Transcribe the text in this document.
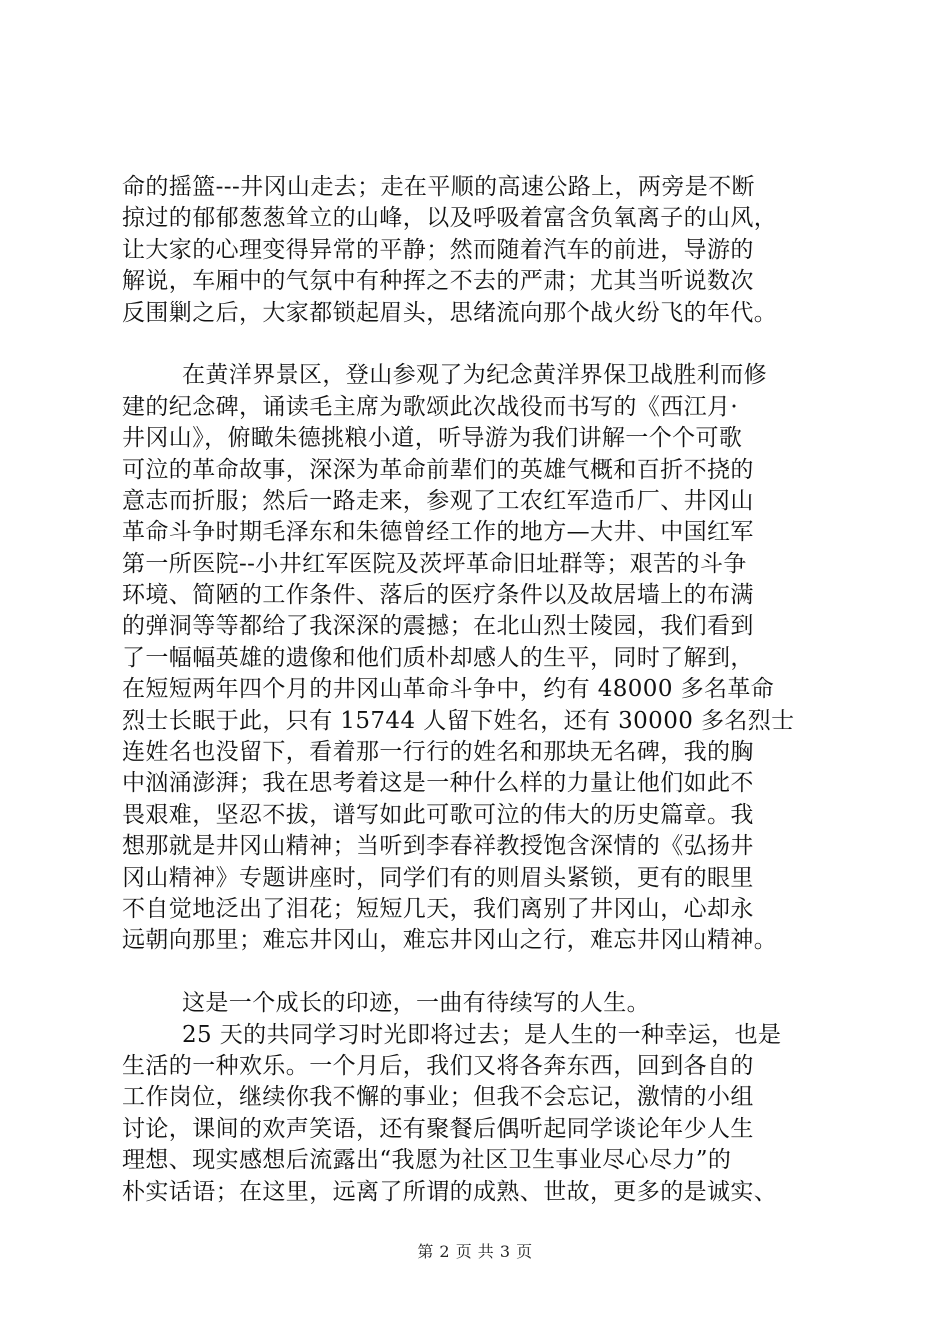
命的摇篮---井冈山走去；走在平顺的高速公路上，两旁是不断
掠过的郁郁葱葱耸立的山峰，以及呼吸着富含负氧离子的山风，
让大家的心理变得异常的平静；然而随着汽车的前进，导游的
解说，车厢中的气氛中有种挥之不去的严肃；尤其当听说数次
反围剿之后，大家都锁起眉头，思绪流向那个战火纷飞的年代。
在黄洋界景区，登山参观了为纪念黄洋界保卫战胜利而修
建的纪念碑，诵读毛主席为歌颂此次战役而书写的《西江月·
井冈山》，俯瞰朱德挑粮小道，听导游为我们讲解一个个可歌
可泣的革命故事，深深为革命前辈们的英雄气概和百折不挠的
意志而折服；然后一路走来，参观了工农红军造币厂、井冈山
革命斗争时期毛泽东和朱德曾经工作的地方—大井、中国红军
第一所医院--小井红军医院及茨坪革命旧址群等；艰苦的斗争
环境、简陋的工作条件、落后的医疗条件以及故居墙上的布满
的弹洞等等都给了我深深的震撼；在北山烈士陵园，我们看到
了一幅幅英雄的遗像和他们质朴却感人的生平，同时了解到，
在短短两年四个月的井冈山革命斗争中，约有 48000 多名革命
烈士长眠于此，只有 15744 人留下姓名，还有 30000 多名烈士
连姓名也没留下，看着那一行行的姓名和那块无名碑，我的胸
中汹涌澎湃；我在思考着这是一种什么样的力量让他们如此不
畏艰难，坚忍不拔，谱写如此可歌可泣的伟大的历史篇章。我
想那就是井冈山精神；当听到李春祥教授饱含深情的《弘扬井
冈山精神》专题讲座时，同学们有的则眉头紧锁，更有的眼里
不自觉地泛出了泪花；短短几天，我们离别了井冈山，心却永
远朝向那里；难忘井冈山，难忘井冈山之行，难忘井冈山精神。
这是一个成长的印迹，一曲有待续写的人生。
25 天的共同学习时光即将过去；是人生的一种幸运，也是
生活的一种欢乐。一个月后，我们又将各奔东西，回到各自的
工作岗位，继续你我不懈的事业；但我不会忘记，激情的小组
讨论，课间的欢声笑语，还有聚餐后偶听起同学谈论年少人生
理想、现实感想后流露出“我愿为社区卫生事业尽心尽力”的
朴实话语；在这里，远离了所谓的成熟、世故，更多的是诚实、
第 2 页 共 3 页
